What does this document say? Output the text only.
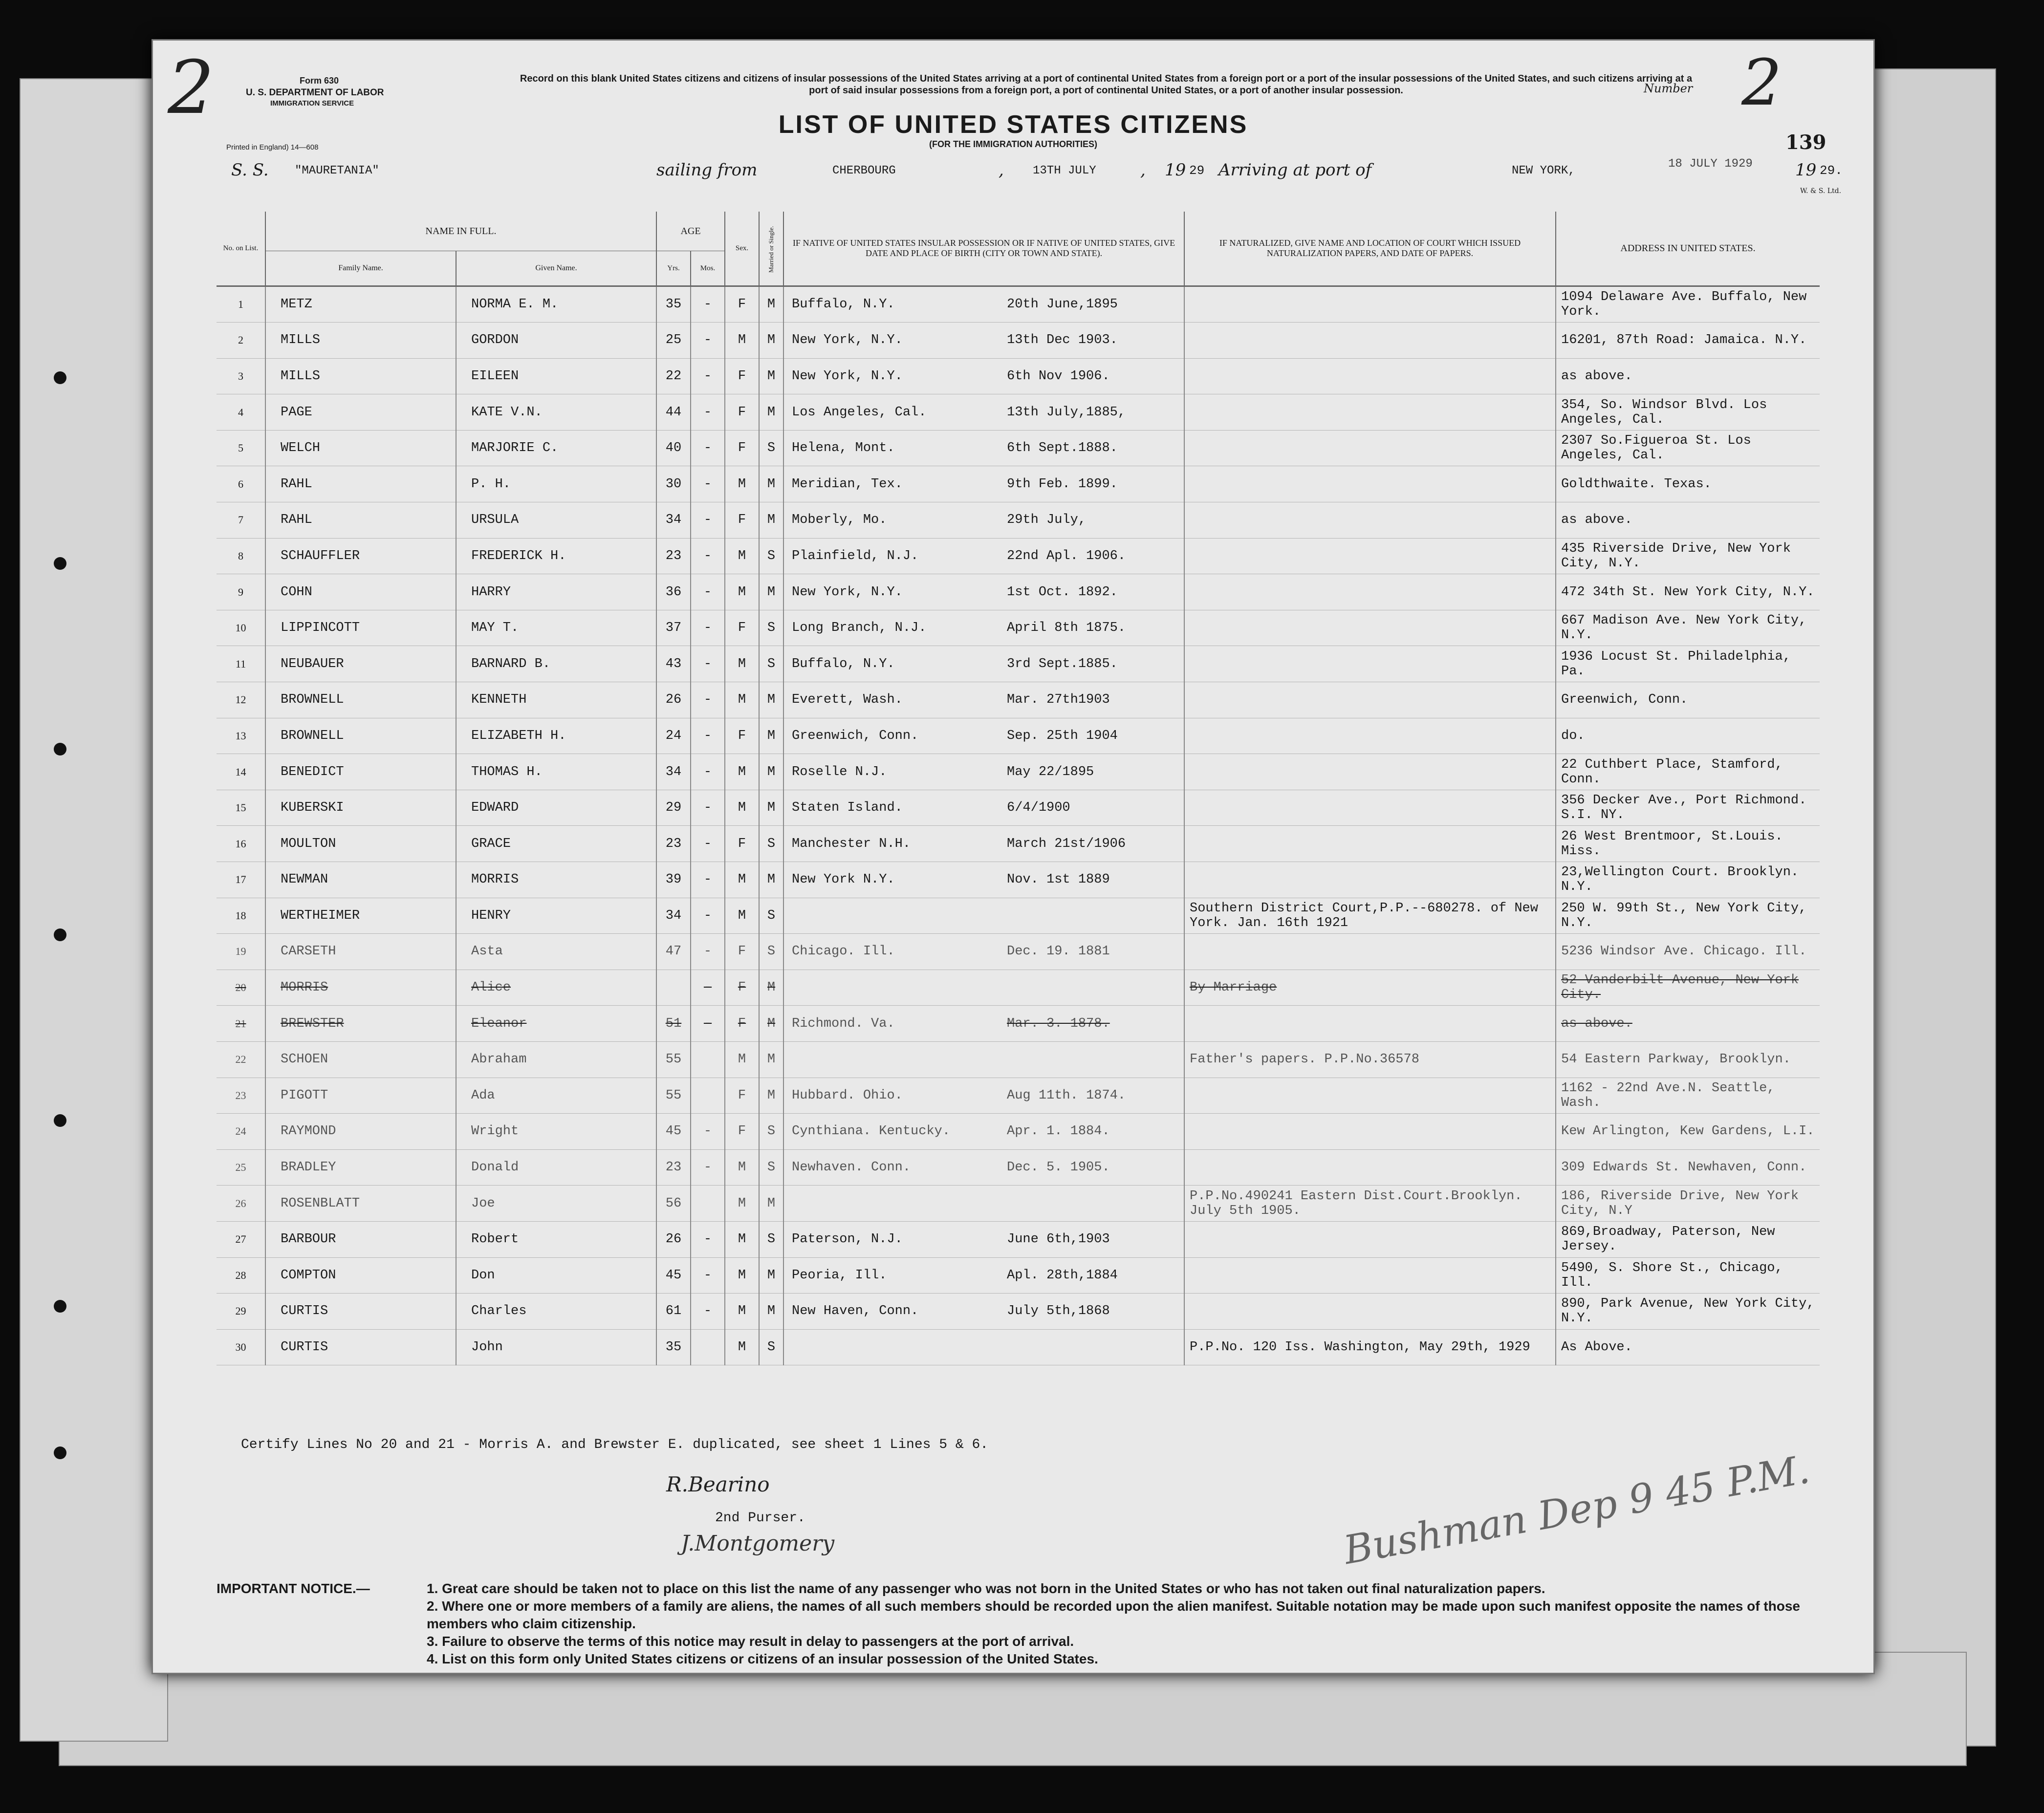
2	Form 630
U. S. DEPARTMENT OF LABOR
IMMIGRATION SERVICE
Printed in England) 14—608
Record on this blank United States citizens and citizens of insular possessions of the United States arriving at a port of continental United States from a foreign port or a port of the insular possessions of the United States, and such citizens arriving at a port of said insular possessions from a foreign port, a port of continental United States, or a port of another insular possession.
LIST OF UNITED STATES CITIZENS
(FOR THE IMMIGRATION AUTHORITIES)
Number 2
139
S. S. "MAURETANIA"	sailing from	CHERBOURG	, 13TH JULY	, 19 29 Arriving at port of	NEW YORK,
18 JULY 1929	19 29.
W. & S. Ltd.
No. on List.	NAME IN FULL.		AGE		Sex.	Married or Single.	IF NATIVE OF UNITED STATES INSULAR POSSESSION OR IF NATIVE OF UNITED STATES, GIVE DATE AND PLACE OF BIRTH (CITY OR TOWN AND STATE).	IF NATURALIZED, GIVE NAME AND LOCATION OF COURT WHICH ISSUED NATURALIZATION PAPERS, AND DATE OF PAPERS.	ADDRESS IN UNITED STATES.
	Family Name.	Given Name.	Yrs.	Mos.					
1	METZ	NORMA E. M.	35	-	F	M	Buffalo, N.Y. 20th June,1895		1094 Delaware Ave. Buffalo, New York.
2	MILLS	GORDON	25	-	M	M	New York, N.Y. 13th Dec 1903.		16201, 87th Road: Jamaica. N.Y.
3	MILLS	EILEEN	22	-	F	M	New York, N.Y. 6th Nov 1906.		as above.
4	PAGE	KATE V.N.	44	-	F	M	Los Angeles, Cal. 13th July,1885,		354, So. Windsor Blvd. Los Angeles, Cal.
5	WELCH	MARJORIE C.	40	-	F	S	Helena, Mont. 6th Sept.1888.		2307 So.Figueroa St. Los Angeles, Cal.
6	RAHL	P. H.	30	-	M	M	Meridian, Tex. 9th Feb. 1899.		Goldthwaite. Texas.
7	RAHL	URSULA	34	-	F	M	Moberly, Mo. 29th July,		as above.
8	SCHAUFFLER	FREDERICK H.	23	-	M	S	Plainfield, N.J. 22nd Apl. 1906.		435 Riverside Drive, New York City, N.Y.
9	COHN	HARRY	36	-	M	M	New York, N.Y. 1st Oct. 1892.		472 34th St. New York City, N.Y.
10	LIPPINCOTT	MAY T.	37	-	F	S	Long Branch, N.J. April 8th 1875.		667 Madison Ave. New York City, N.Y.
11	NEUBAUER	BARNARD B.	43	-	M	S	Buffalo, N.Y. 3rd Sept.1885.		1936 Locust St. Philadelphia, Pa.
12	BROWNELL	KENNETH	26	-	M	M	Everett, Wash. Mar. 27th1903		Greenwich, Conn.
13	BROWNELL	ELIZABETH H.	24	-	F	M	Greenwich, Conn. Sep. 25th 1904		do.
14	BENEDICT	THOMAS H.	34	-	M	M	Roselle N.J. May 22/1895		22 Cuthbert Place, Stamford, Conn.
15	KUBERSKI	EDWARD	29	-	M	M	Staten Island. 6/4/1900		356 Decker Ave., Port Richmond. S.I. NY.
16	MOULTON	GRACE	23	-	F	S	Manchester N.H. March 21st/1906		26 West Brentmoor, St.Louis. Miss.
17	NEWMAN	MORRIS	39	-	M	M	New York N.Y. Nov. 1st 1889		23,Wellington Court. Brooklyn. N.Y.
18	WERTHEIMER	HENRY	34	-	M	S		Southern District Court,P.P.--680278. of New York. Jan. 16th 1921	250 W. 99th St., New York City, N.Y.
19	CARSETH	Asta	47	-	F	S	Chicago. Ill. Dec. 19. 1881		5236 Windsor Ave. Chicago. Ill.
20	MORRIS	Alice		-	F	M		By Marriage	52 Vanderbilt Avenue, New York City.
21	BREWSTER	Eleanor	51	-	F	M	Richmond. Va. Mar. 3. 1878.		as above.
22	SCHOEN	Abraham	55		M	M		Father's papers. P.P.No.36578	54 Eastern Parkway, Brooklyn.
23	PIGOTT	Ada	55		F	M	Hubbard. Ohio. Aug 11th. 1874.		1162 - 22nd Ave.N. Seattle, Wash.
24	RAYMOND	Wright	45	-	F	S	Cynthiana. Kentucky. Apr. 1. 1884.		Kew Arlington, Kew Gardens, L.I.
25	BRADLEY	Donald	23	-	M	S	Newhaven. Conn. Dec. 5. 1905.		309 Edwards St. Newhaven, Conn.
26	ROSENBLATT	Joe	56		M	M		P.P.No.490241 Eastern Dist.Court.Brooklyn. July 5th 1905.	186, Riverside Drive, New York City, N.Y
27	BARBOUR	Robert	26	-	M	S	Paterson, N.J. June 6th,1903		869,Broadway, Paterson, New Jersey.
28	COMPTON	Don	45	-	M	M	Peoria, Ill. Apl. 28th,1884		5490, S. Shore St., Chicago, Ill.
29	CURTIS	Charles	61	-	M	M	New Haven, Conn. July 5th,1868		890, Park Avenue, New York City, N.Y.
30	CURTIS	John	35		M	S		P.P.No. 120 Iss. Washington, May 29th, 1929	As Above.
Certify Lines No 20 and 21 - Morris A. and Brewster E. duplicated, see sheet 1 Lines 5 & 6.
R.Bearino
2nd Purser.
J.Montgomery	Bushman Dep 9 45 P.M.
IMPORTANT NOTICE.—	1. Great care should be taken not to place on this list the name of any passenger who was not born in the United States or who has not taken out final naturalization papers.
2. Where one or more members of a family are aliens, the names of all such members should be recorded upon the alien manifest. Suitable notation may be made upon such manifest opposite the names of those members who claim citizenship.
3. Failure to observe the terms of this notice may result in delay to passengers at the port of arrival.
4. List on this form only United States citizens or citizens of an insular possession of the United States.
